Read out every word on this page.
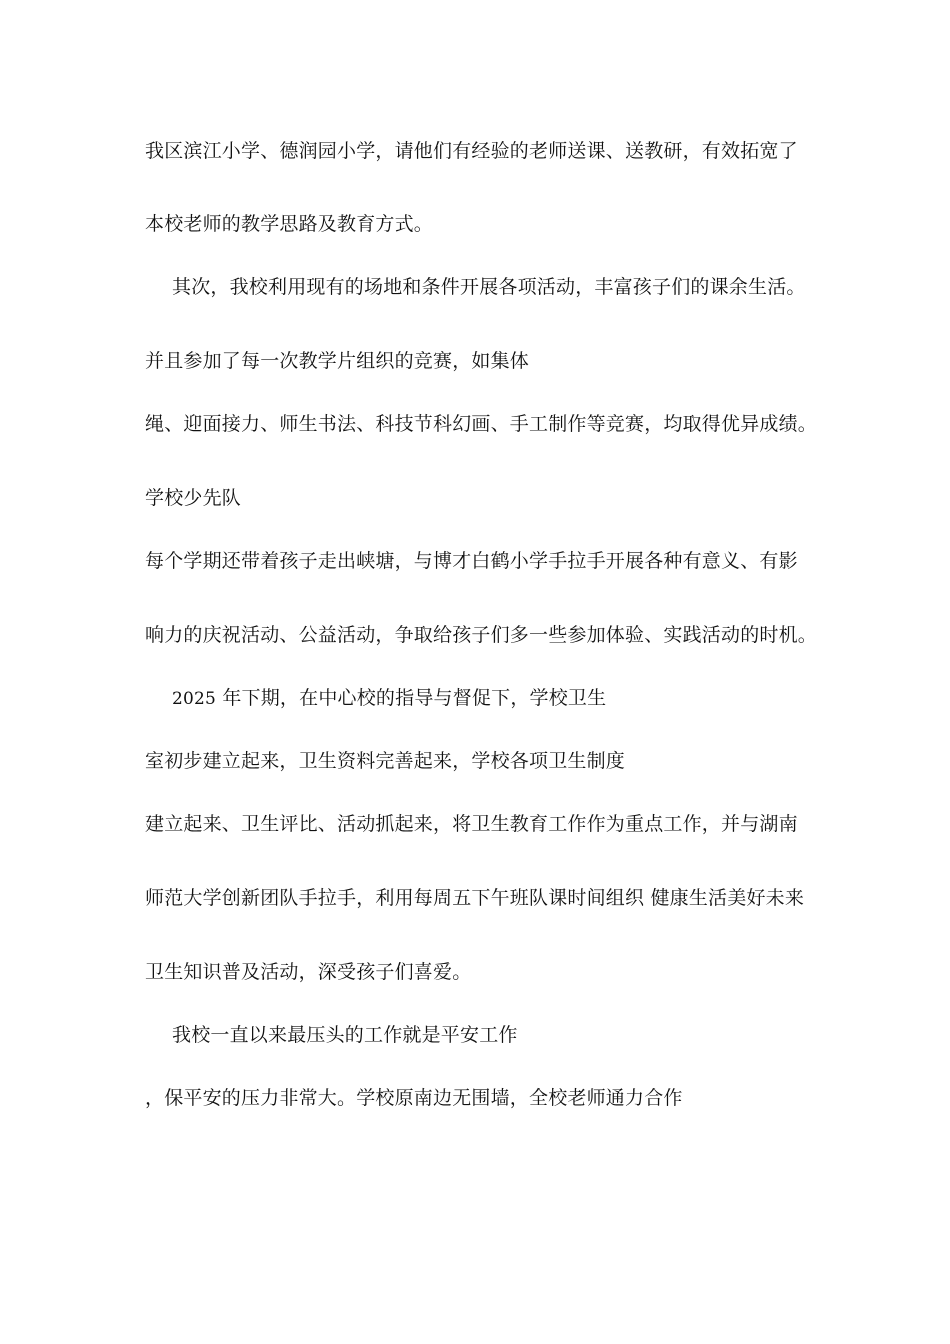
我区滨江小学、德润园小学，请他们有经验的老师送课、送教研，有效拓宽了
本校老师的教学思路及教育方式。
其次，我校利用现有的场地和条件开展各项活动，丰富孩子们的课余生活。
并且参加了每一次教学片组织的竞赛，如集体
绳、迎面接力、师生书法、科技节科幻画、手工制作等竞赛，均取得优异成绩。
学校少先队
每个学期还带着孩子走出峡塘，与博才白鹤小学手拉手开展各种有意义、有影
响力的庆祝活动、公益活动，争取给孩子们多一些参加体验、实践活动的时机。
2025 年下期，在中心校的指导与督促下，学校卫生
室初步建立起来，卫生资料完善起来，学校各项卫生制度
建立起来、卫生评比、活动抓起来，将卫生教育工作作为重点工作，并与湖南
师范大学创新团队手拉手，利用每周五下午班队课时间组织 健康生活美好未来
卫生知识普及活动，深受孩子们喜爱。
我校一直以来最压头的工作就是平安工作
，保平安的压力非常大。学校原南边无围墙，全校老师通力合作
